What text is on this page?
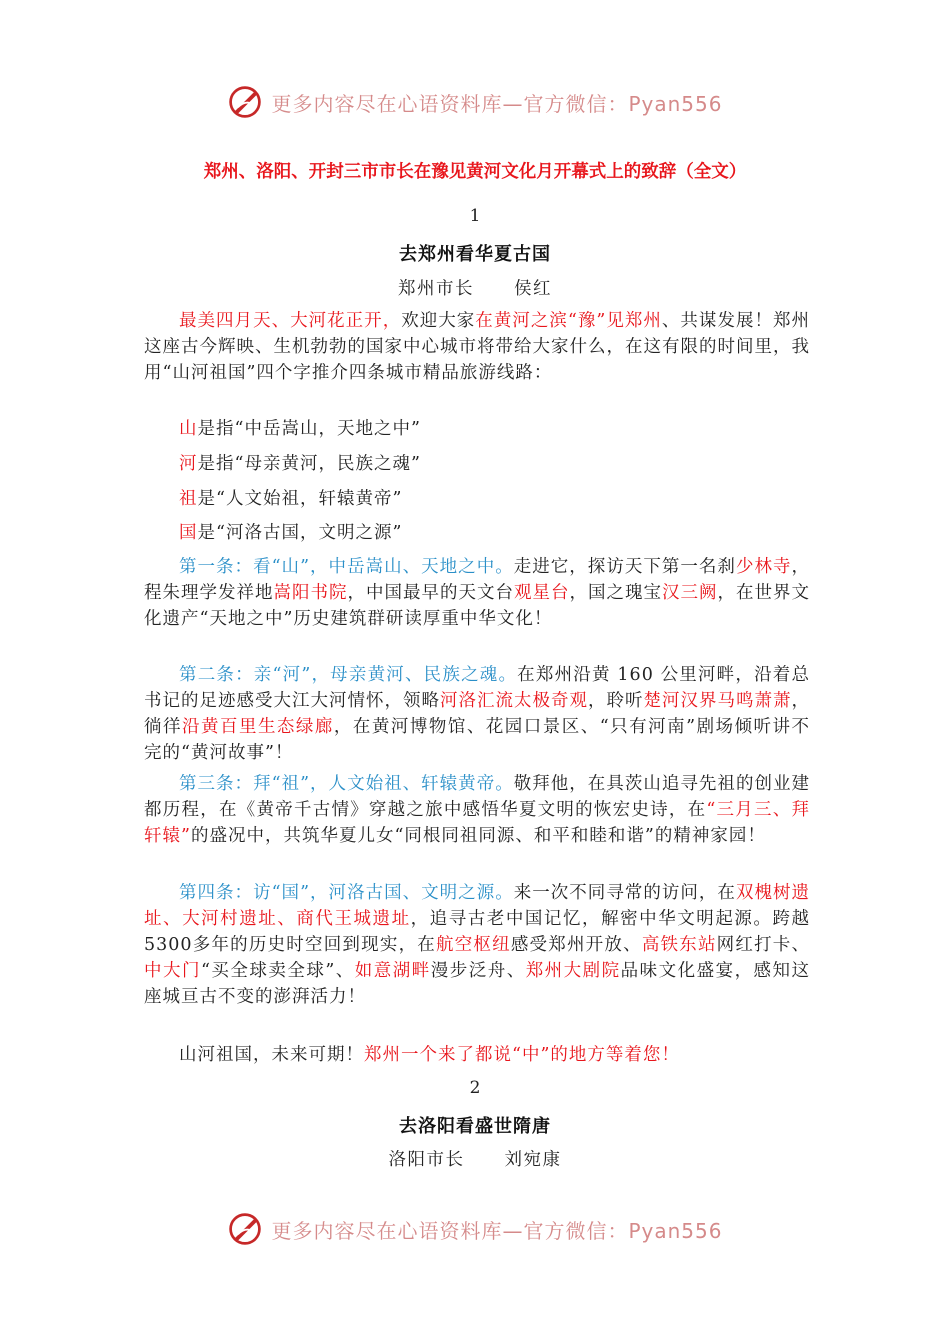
更多内容尽在心语资料库—官方微信：Pyan556
郑州、洛阳、开封三市市长在豫见黄河文化月开幕式上的致辞（全文）
1
去郑州看华夏古国
郑州市长 侯红
最美四月天、大河花正开，欢迎大家在黄河之滨“豫”见郑州、共谋发展！郑州这座古今辉映、生机勃勃的国家中心城市将带给大家什么，在这有限的时间里，我用“山河祖国”四个字推介四条城市精品旅游线路：
山是指“中岳嵩山，天地之中”
河是指“母亲黄河，民族之魂”
祖是“人文始祖，轩辕黄帝”
国是“河洛古国，文明之源”
第一条：看“山”，中岳嵩山、天地之中。走进它，探访天下第一名刹少林寺，程朱理学发祥地嵩阳书院，中国最早的天文台观星台，国之瑰宝汉三阙，在世界文化遗产“天地之中”历史建筑群研读厚重中华文化！
第二条：亲“河”，母亲黄河、民族之魂。在郑州沿黄 160 公里河畔，沿着总书记的足迹感受大江大河情怀，领略河洛汇流太极奇观，聆听楚河汉界马鸣萧萧，徜徉沿黄百里生态绿廊，在黄河博物馆、花园口景区、“只有河南”剧场倾听讲不完的“黄河故事”！
第三条：拜“祖”，人文始祖、轩辕黄帝。敬拜他，在具茨山追寻先祖的创业建都历程，在《黄帝千古情》穿越之旅中感悟华夏文明的恢宏史诗，在“三月三、拜轩辕”的盛况中，共筑华夏儿女“同根同祖同源、和平和睦和谐”的精神家园！
第四条：访“国”，河洛古国、文明之源。来一次不同寻常的访问，在双槐树遗址、大河村遗址、商代王城遗址，追寻古老中国记忆，解密中华文明起源。跨越5300多年的历史时空回到现实，在航空枢纽感受郑州开放、高铁东站网红打卡、中大门“买全球卖全球”、如意湖畔漫步泛舟、郑州大剧院品味文化盛宴，感知这座城亘古不变的澎湃活力！
山河祖国，未来可期！郑州一个来了都说“中”的地方等着您！
2
去洛阳看盛世隋唐
洛阳市长 刘宛康
更多内容尽在心语资料库—官方微信：Pyan556
